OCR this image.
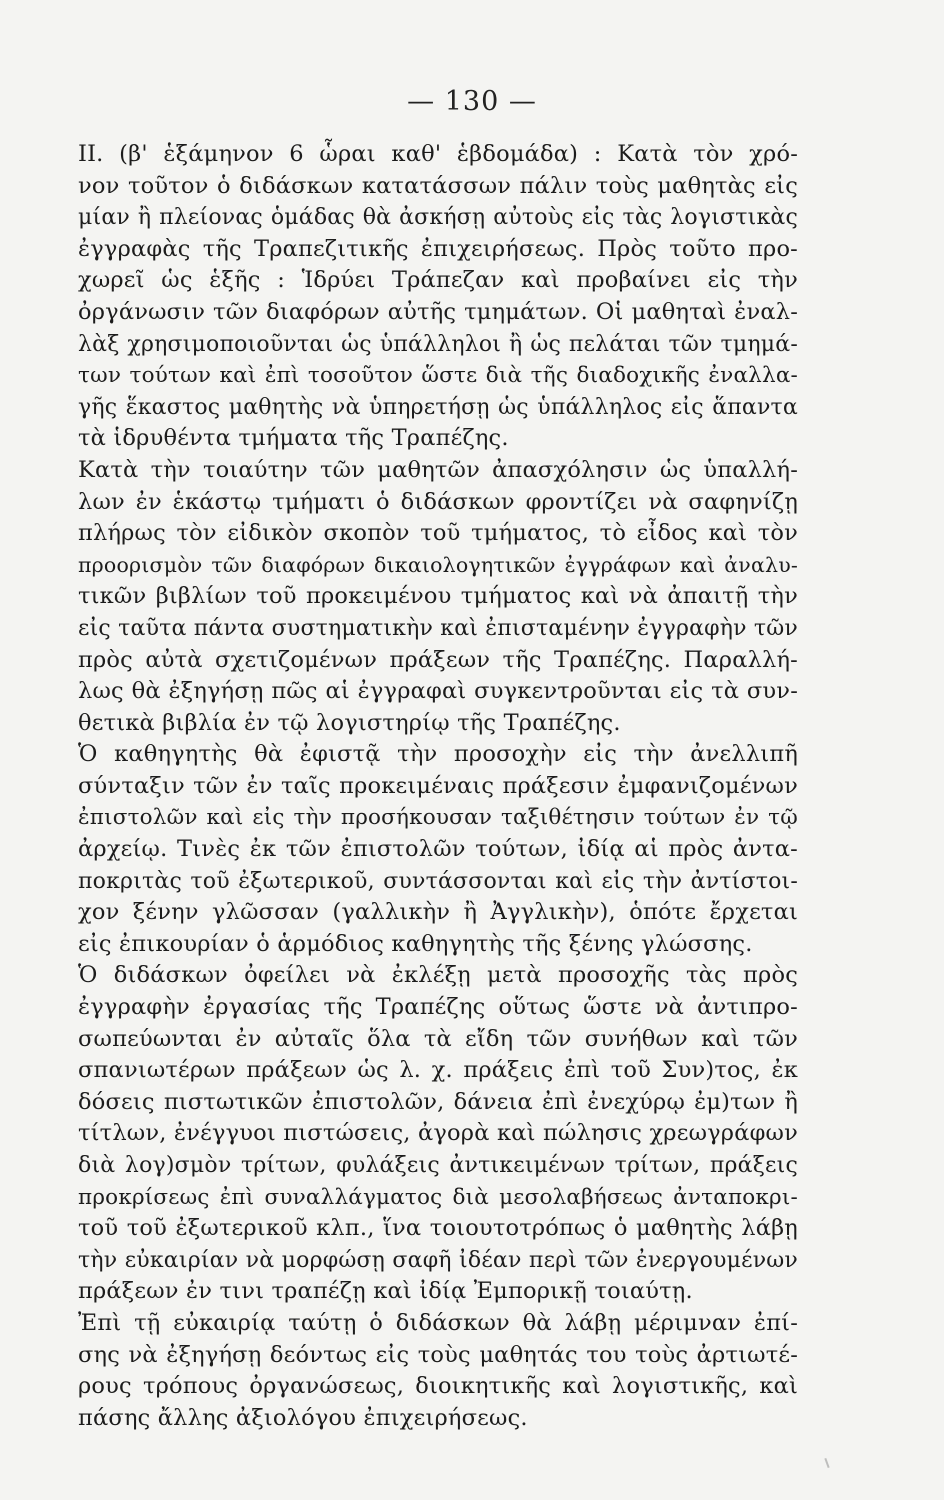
— 130 —
ΙΙ. (β' ἑξάμηνον 6 ὧραι καθ' ἑβδομάδα) : Κατὰ τὸν χρό-
νον τοῦτον ὁ διδάσκων κατατάσσων πάλιν τοὺς μαθητὰς εἰς
μίαν ἢ πλείονας ὁμάδας θὰ ἀσκήσῃ αὐτοὺς εἰς τὰς λογιστικὰς
ἐγγραφὰς τῆς Τραπεζιτικῆς ἐπιχειρήσεως. Πρὸς τοῦτο προ-
χωρεῖ ὡς ἑξῆς : Ἱδρύει Τράπεζαν καὶ προβαίνει εἰς τὴν
ὀργάνωσιν τῶν διαφόρων αὐτῆς τμημάτων. Οἱ μαθηταὶ ἐναλ-
λὰξ χρησιμοποιοῦνται ὡς ὑπάλληλοι ἢ ὡς πελάται τῶν τμημά-
των τούτων καὶ ἐπὶ τοσοῦτον ὥστε διὰ τῆς διαδοχικῆς ἐναλλα-
γῆς ἕκαστος μαθητὴς νὰ ὑπηρετήσῃ ὡς ὑπάλληλος εἰς ἅπαντα
τὰ ἱδρυθέντα τμήματα τῆς Τραπέζης.
Κατὰ τὴν τοιαύτην τῶν μαθητῶν ἀπασχόλησιν ὡς ὑπαλλή-
λων ἐν ἑκάστῳ τμήματι ὁ διδάσκων φροντίζει νὰ σαφηνίζῃ
πλήρως τὸν εἰδικὸν σκοπὸν τοῦ τμήματος, τὸ εἶδος καὶ τὸν
προορισμὸν τῶν διαφόρων δικαιολογητικῶν ἐγγράφων καὶ ἀναλυ-
τικῶν βιβλίων τοῦ προκειμένου τμήματος καὶ νὰ ἀπαιτῇ τὴν
εἰς ταῦτα πάντα συστηματικὴν καὶ ἐπισταμένην ἐγγραφὴν τῶν
πρὸς αὐτὰ σχετιζομένων πράξεων τῆς Τραπέζης. Παραλλή-
λως θὰ ἐξηγήσῃ πῶς αἱ ἐγγραφαὶ συγκεντροῦνται εἰς τὰ συν-
θετικὰ βιβλία ἐν τῷ λογιστηρίῳ τῆς Τραπέζης.
Ὁ καθηγητὴς θὰ ἐφιστᾷ τὴν προσοχὴν εἰς τὴν ἀνελλιπῆ
σύνταξιν τῶν ἐν ταῖς προκειμέναις πράξεσιν ἐμφανιζομένων
ἐπιστολῶν καὶ εἰς τὴν προσήκουσαν ταξιθέτησιν τούτων ἐν τῷ
ἀρχείῳ. Τινὲς ἐκ τῶν ἐπιστολῶν τούτων, ἰδίᾳ αἱ πρὸς ἀντα-
ποκριτὰς τοῦ ἐξωτερικοῦ, συντάσσονται καὶ εἰς τὴν ἀντίστοι-
χον ξένην γλῶσσαν (γαλλικὴν ἢ Ἀγγλικὴν), ὁπότε ἔρχεται
εἰς ἐπικουρίαν ὁ ἁρμόδιος καθηγητὴς τῆς ξένης γλώσσης.
Ὁ διδάσκων ὀφείλει νὰ ἐκλέξῃ μετὰ προσοχῆς τὰς πρὸς
ἐγγραφὴν ἐργασίας τῆς Τραπέζης οὕτως ὥστε νὰ ἀντιπρο-
σωπεύωνται ἐν αὐταῖς ὅλα τὰ εἴδη τῶν συνήθων καὶ τῶν
σπανιωτέρων πράξεων ὡς λ. χ. πράξεις ἐπὶ τοῦ Συν)τος, ἐκ
δόσεις πιστωτικῶν ἐπιστολῶν, δάνεια ἐπὶ ἐνεχύρῳ ἐμ)των ἢ
τίτλων, ἐνέγγυοι πιστώσεις, ἀγορὰ καὶ πώλησις χρεωγράφων
διὰ λογ)σμὸν τρίτων, φυλάξεις ἀντικειμένων τρίτων, πράξεις
προκρίσεως ἐπὶ συναλλάγματος διὰ μεσολαβήσεως ἀνταποκρι-
τοῦ τοῦ ἐξωτερικοῦ κλπ., ἵνα τοιουτοτρόπως ὁ μαθητὴς λάβῃ
τὴν εὐκαιρίαν νὰ μορφώσῃ σαφῆ ἰδέαν περὶ τῶν ἐνεργουμένων
πράξεων ἐν τινι τραπέζῃ καὶ ἰδίᾳ Ἐμπορικῇ τοιαύτῃ.
Ἐπὶ τῇ εὐκαιρίᾳ ταύτῃ ὁ διδάσκων θὰ λάβῃ μέριμναν ἐπί-
σης νὰ ἐξηγήσῃ δεόντως εἰς τοὺς μαθητάς του τοὺς ἀρτιωτέ-
ρους τρόπους ὀργανώσεως, διοικητικῆς καὶ λογιστικῆς, καὶ
πάσης ἄλλης ἀξιολόγου ἐπιχειρήσεως.
